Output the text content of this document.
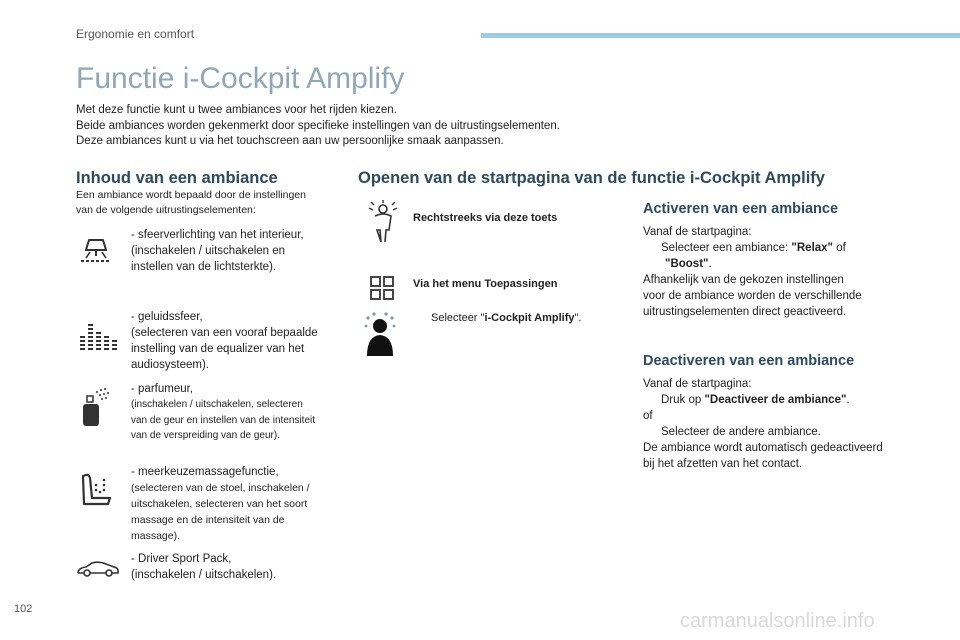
Ergonomie en comfort
Functie i-Cockpit Amplify
Met deze functie kunt u twee ambiances voor het rijden kiezen.
Beide ambiances worden gekenmerkt door specifieke instellingen van de uitrustingselementen.
Deze ambiances kunt u via het touchscreen aan uw persoonlijke smaak aanpassen.
Inhoud van een ambiance
Een ambiance wordt bepaald door de instellingen
van de volgende uitrustingselementen:
- sfeerverlichting van het interieur,
(inschakelen / uitschakelen en
instellen van de lichtsterkte).
- geluidssfeer,
(selecteren van een vooraf bepaalde
instelling van de equalizer van het
audiosysteem).
- parfumeur,
(inschakelen / uitschakelen, selecteren
van de geur en instellen van de intensiteit
van de verspreiding van de geur).
- meerkeuzemassagefunctie,
(selecteren van de stoel, inschakelen /
uitschakelen, selecteren van het soort
massage en de intensiteit van de
massage).
- Driver Sport Pack,
(inschakelen / uitschakelen).
Openen van de startpagina van de functie i-Cockpit Amplify
Rechtstreeks via deze toets
Via het menu Toepassingen
Selecteer "i-Cockpit Amplify".
Activeren van een ambiance
Vanaf de startpagina:
Selecteer een ambiance: "Relax" of
"Boost".
Afhankelijk van de gekozen instellingen
voor de ambiance worden de verschillende
uitrustingselementen direct geactiveerd.
Deactiveren van een ambiance
Vanaf de startpagina:
Druk op "Deactiveer de ambiance".
of
Selecteer de andere ambiance.
De ambiance wordt automatisch gedeactiveerd
bij het afzetten van het contact.
102
carmanualsonline.info
